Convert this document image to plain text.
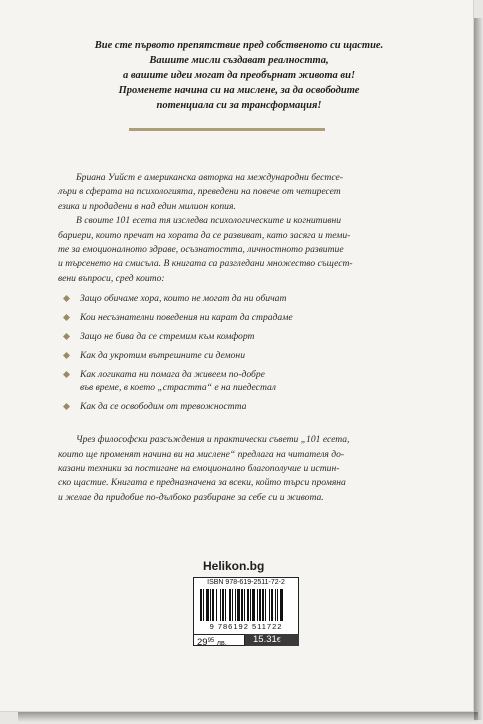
Вие сте първото препятствие пред собственото си щастие.
Вашите мисли създават реалността,
а вашите идеи могат да преобърнат живота ви!
Променете начина си на мислене, за да освободите
потенциала си за трансформация!

Бриана Уийст е американска авторка на международни бестсе-
лъри в сферата на психологията, преведени на повече от четиресет
езика и продадени в над един милион копия.

В своите 101 есета тя изследва психологическите и когнитивни
бариери, които пречат на хората да се развиват, като засяга и теми-
те за емоционалното здраве, осъзнатостта, личностното развитие
и търсенето на смисъла. В книгата са разгледани множество същест-
вени въпроси, сред които:

Защо обичаме хора, които не могат да ни обичат
Кои несъзнателни поведения ни карат да страдаме
Защо не бива да се стремим към комфорт
Как да укротим вътрешните си демони
Как логиката ни помага да живеем по-добре
във време, в което „страстта“ е на пиедестал
Как да се освободим от тревожността

Чрез философски разсъждения и практически съвети „101 есета,
които ще променят начина ви на мислене“ предлага на читателя до-
казани техники за постигане на емоционално благополучие и истин-
ско щастие. Книгата е предназначена за всеки, който търси промяна
и желае да придобие по-дълбоко разбиране за себе си и живота.

Helikon.bg
ISBN 978-619-2511-72-2
9 786192 511722
$29^{95}$ лв.	15.31€
